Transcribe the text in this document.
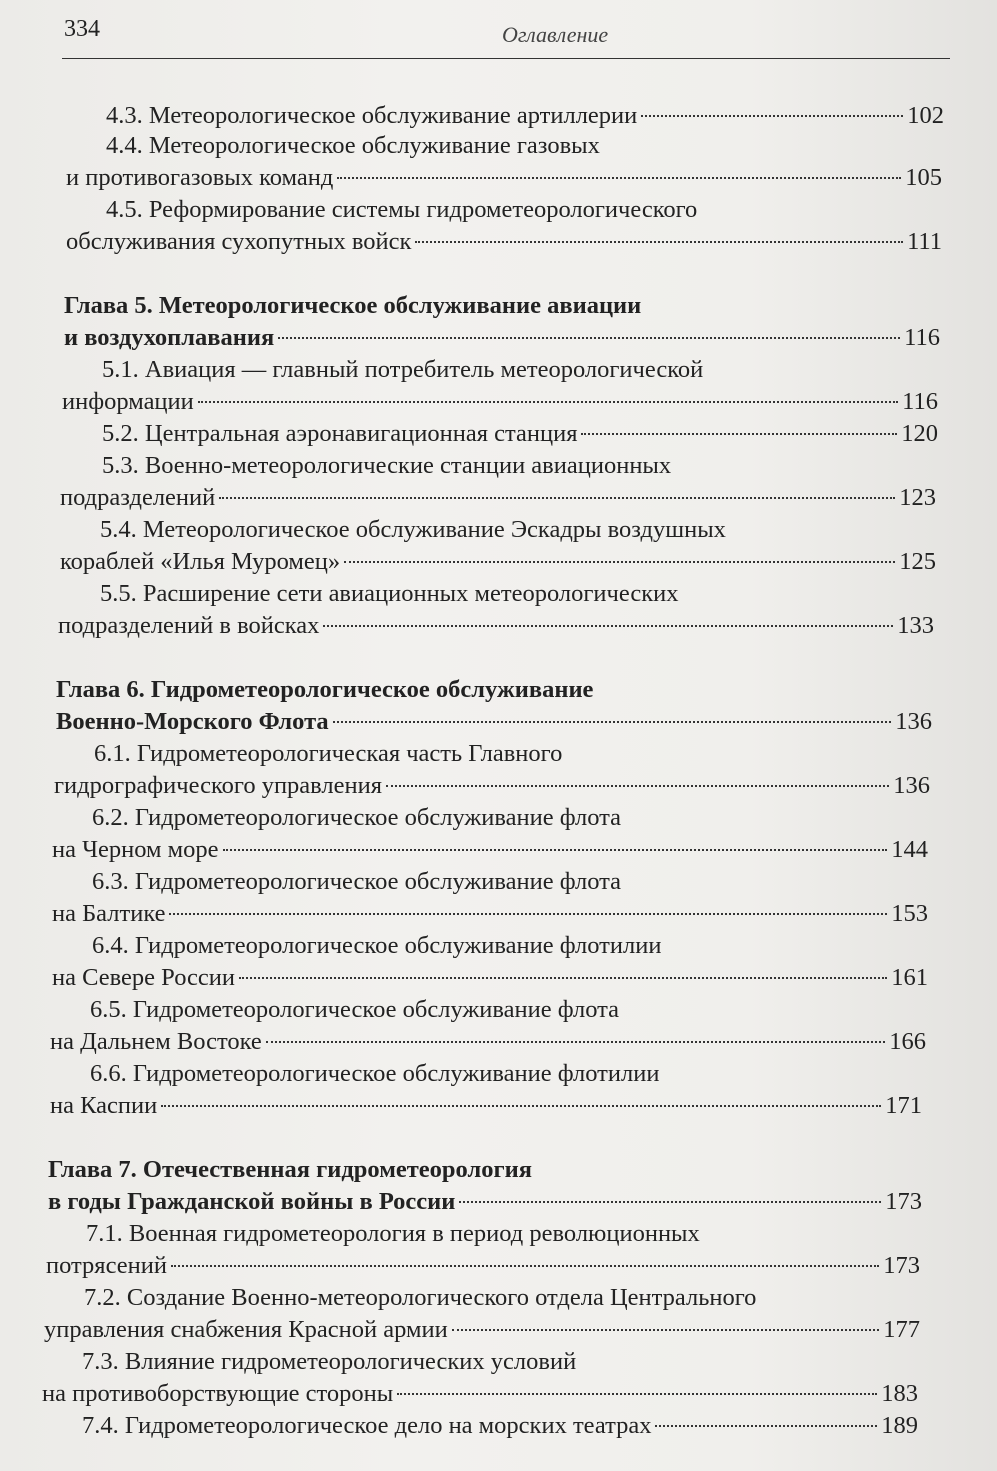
334	Оглавление
4.3. Метеорологическое обслуживание артиллерии	102
4.4. Метеорологическое обслуживание газовых
и противогазовых команд	105
4.5. Реформирование системы гидрометеорологического
обслуживания сухопутных войск	111
Глава 5. Метеорологическое обслуживание авиации
и воздухоплавания	116
5.1. Авиация — главный потребитель метеорологической
информации	116
5.2. Центральная аэронавигационная станция	120
5.3. Военно-метеорологические станции авиационных
подразделений	123
5.4. Метеорологическое обслуживание Эскадры воздушных
кораблей «Илья Муромец»	125
5.5. Расширение сети авиационных метеорологических
подразделений в войсках	133
Глава 6. Гидрометеорологическое обслуживание
Военно-Морского Флота	136
6.1. Гидрометеорологическая часть Главного
гидрографического управления	136
6.2. Гидрометеорологическое обслуживание флота
на Черном море	144
6.3. Гидрометеорологическое обслуживание флота
на Балтике	153
6.4. Гидрометеорологическое обслуживание флотилии
на Севере России	161
6.5. Гидрометеорологическое обслуживание флота
на Дальнем Востоке	166
6.6. Гидрометеорологическое обслуживание флотилии
на Каспии	171
Глава 7. Отечественная гидрометеорология
в годы Гражданской войны в России	173
7.1. Военная гидрометеорология в период революционных
потрясений	173
7.2. Создание Военно-метеорологического отдела Центрального
управления снабжения Красной армии	177
7.3. Влияние гидрометеорологических условий
на противоборствующие стороны	183
7.4. Гидрометеорологическое дело на морских театрах	189
